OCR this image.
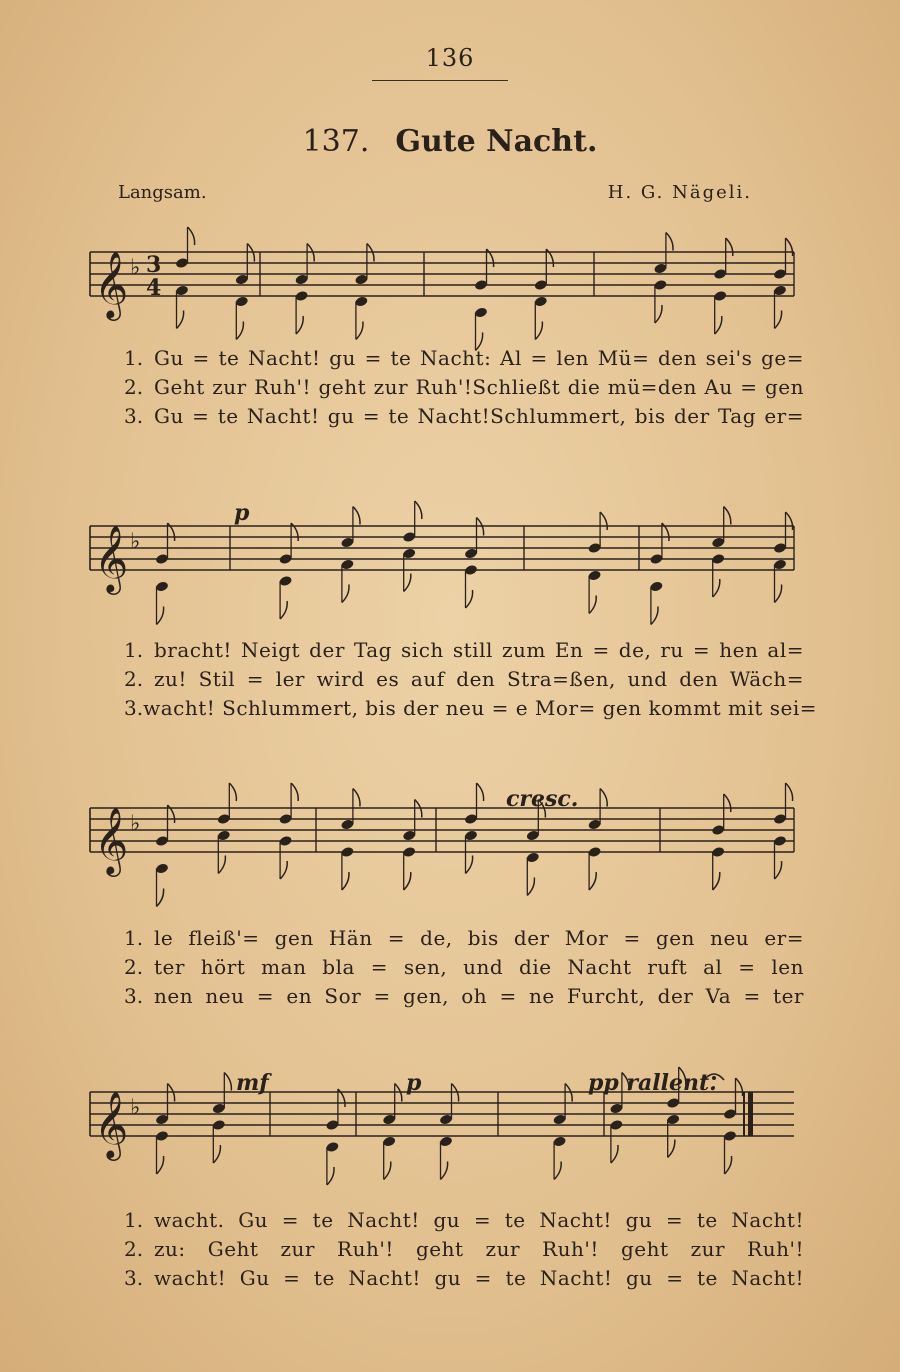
136
137. Gute Nacht.
Langsam.	H. G. Nägeli.
𝄞 ♭ 3
4
𝄞 ♭
p
𝄞 ♭
cresc.
𝄞 ♭
mf	p	pp rallent.
1. Gu = te Nacht! gu = te Nacht: Al = len Mü= den sei's ge=
2. Geht zur Ruh'! geht zur Ruh'!Schließt die mü=den Au = gen
3. Gu = te Nacht! gu = te Nacht!Schlummert, bis der Tag er=
1. bracht! Neigt der Tag sich still zum En = de, ru = hen al=
2. zu! Stil = ler wird es auf den Stra=ßen, und den Wäch=
3. wacht! Schlummert, bis der neu = e Mor= gen kommt mit sei=
1. le fleiß'= gen Hän = de, bis der Mor = gen neu er=
2. ter hört man bla = sen, und die Nacht ruft al = len
3. nen neu = en Sor = gen, oh = ne Furcht, der Va = ter
1. wacht. Gu = te Nacht! gu = te Nacht! gu = te Nacht!
2. zu: Geht zur Ruh'! geht zur Ruh'! geht zur Ruh'!
3. wacht! Gu = te Nacht! gu = te Nacht! gu = te Nacht!
